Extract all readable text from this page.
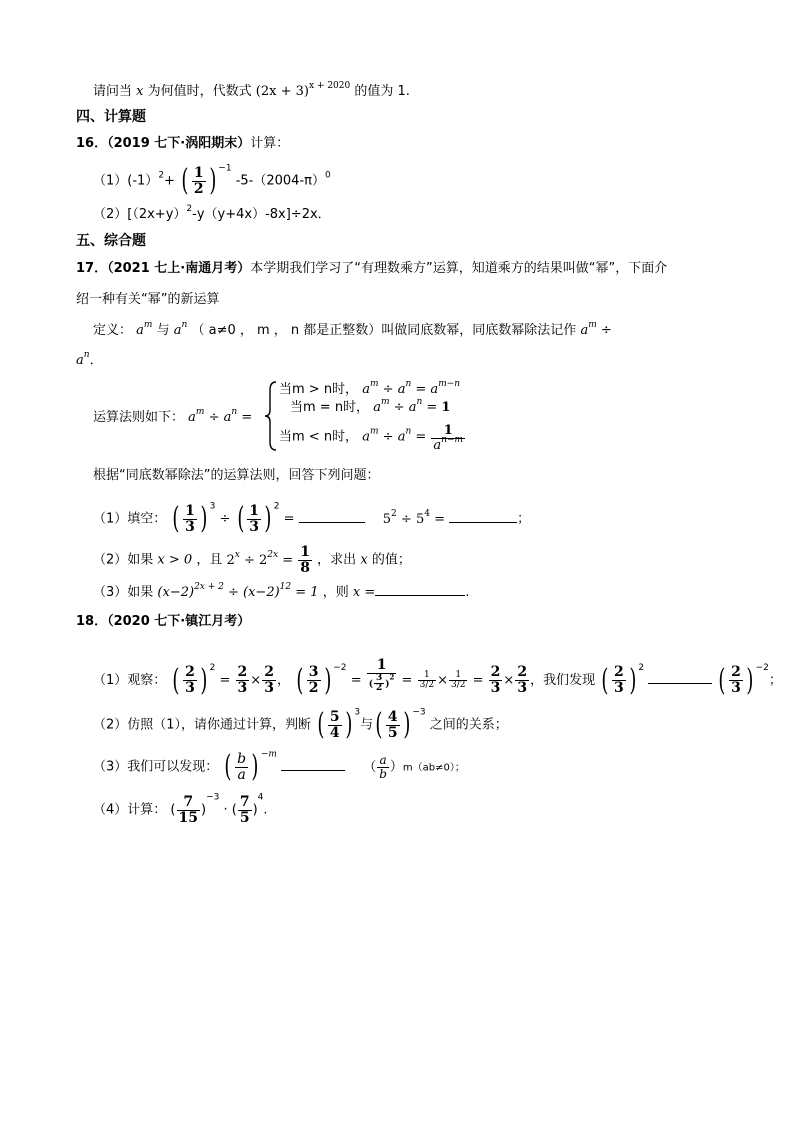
请问当 x 为何值时，代数式 $(2x + 3)^{x + 2020}$ 的值为 1.
四、计算题
16．（2019 七下·涡阳期末）计算：
（1）(-1）$^2$+ ( $\frac{1}{2}$ ) $^{-1}$ $-5-(2004-\pi)^0$
$(2)[(2x+y)^2-y(y+4x)-8x]\div 2x$．
五、综合题
17．（2021 七上·南通月考）本学期我们学习了“有理数乘方”运算，知道乘方的结果叫做“幂”，下面介
绍一种有关“幂”的新运算
定义： $a^m$ 与 $a^n$ （ a≠0 ， m ， n 都是正整数）叫做同底数幂，同底数幂除法记作 $a^m$ ÷
$a^n$．
运算法则如下： $a^m \div a^n$ =
当m > n时， $a^m \div a^n = a^{m-n}$
当m = n时， $a^m \div a^n = 1$
当m < n时， $a^m \div a^n = \frac{1}{a^{n-m}}$
根据“同底数幂除法”的运算法则，回答下列问题：
（1）填空： ( $\frac{1}{3}$ ) $^3$ ÷ ( $\frac{1}{3}$ ) $^2$ =	$5^2 \div 5^4$ =	；
（2）如果 x > 0 ，且 $2^x \div 2^{2x} = \frac{1}{8}$ ，求出 x 的值；
（3）如果 $(x-2)^{2x + 2} \div (x-2)^{12} = 1$ ，则 x =	.
18．（2020 七下·镇江月考）
（1）观察： ( $\frac{2}{3}$ ) $^2 = \frac{2}{3} \times \frac{2}{3}$ ， ( $\frac{3}{2}$ ) $^{-2}$ =
1
( $\frac{3}{2} )^2 = \frac{1}{3/2} \times \frac{1}{3/2} = \frac{2}{3} \times \frac{2}{3}$ ，我们发现 ( $\frac{2}{3}$ ) $^2$ ( $\frac{2}{3}$ ) $^{-2}$；
（2）仿照（1），请你通过计算，判断 ( $\frac{5}{4}$ ) $^3$与( $\frac{4}{5}$ ) $^{-3}$ 之间的关系；
（3）我们可以发现： ( $\frac{b}{a}$ ) $^{-m}$  （ $\frac{a}{b} )m(ab\ne 0)$；
（4）计算： ( $\frac{7}{15} )^{-3}$ · ( $\frac{7}{5} )^4$.
